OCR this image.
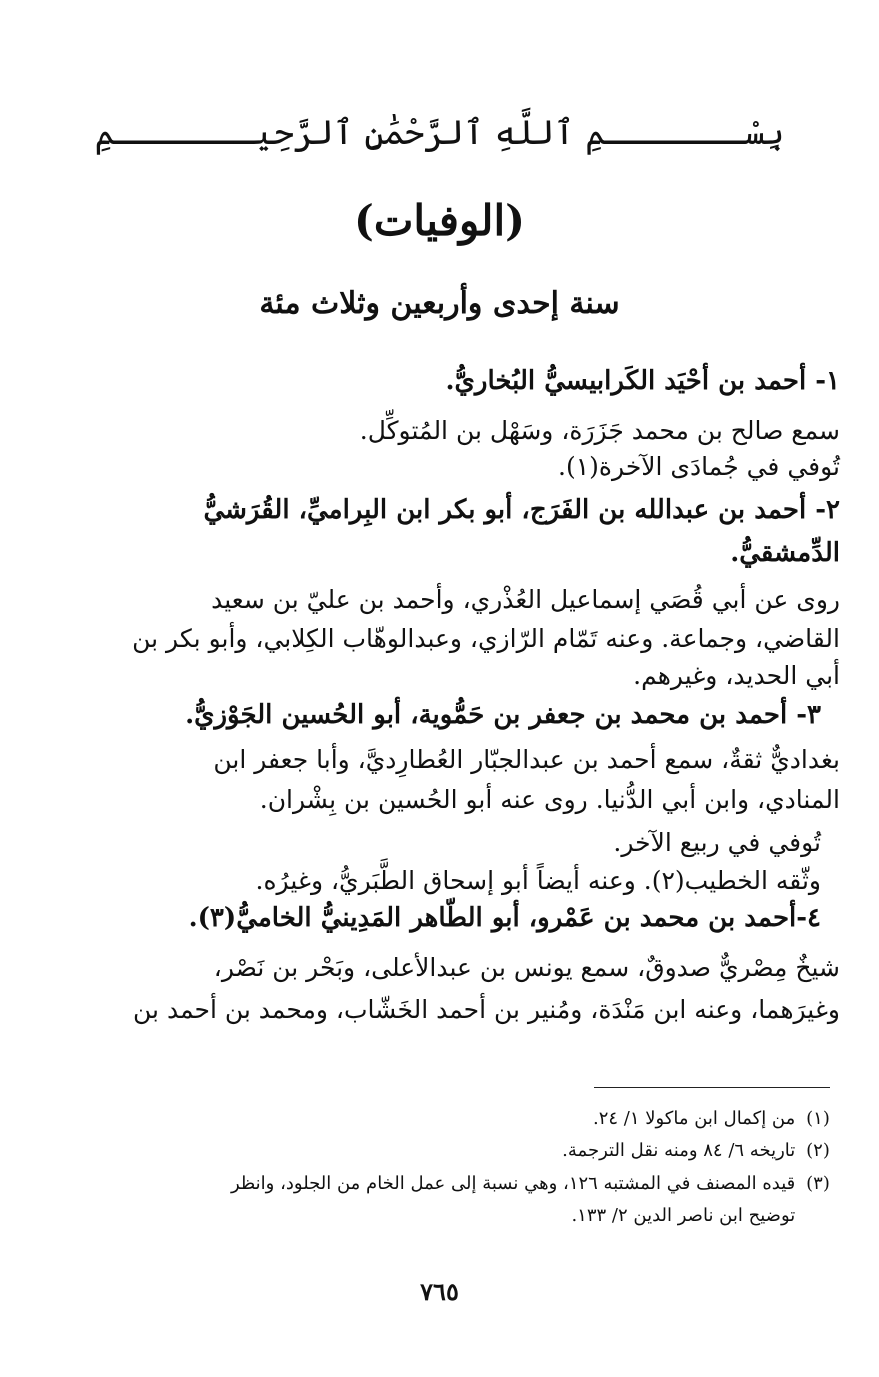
بِسْـــــــمِ ٱللَّهِ ٱلرَّحْمَٰنِ ٱلرَّحِيـــــــمِ
(الوفيات)
سنة إحدى وأربعين وثلاث مئة
١- أحمد بن أحْيَد الكَرابيسيُّ البُخاريُّ.
سمع صالح بن محمد جَزَرَة، وسَهْل بن المُتوكِّل.
تُوفي في جُمادَى الآخرة(١).
٢- أحمد بن عبدالله بن الفَرَج، أبو بكر ابن البِراميِّ، القُرَشيُّ
الدِّمشقيُّ.
روى عن أبي قُصَي إسماعيل العُذْري، وأحمد بن عليّ بن سعيد
القاضي، وجماعة. وعنه تَمّام الرّازي، وعبدالوهّاب الكِلابي، وأبو بكر بن
أبي الحديد، وغيرهم.
٣- أحمد بن محمد بن جعفر بن حَمُّوية، أبو الحُسين الجَوْزيُّ.
بغداديٌّ ثقةٌ، سمع أحمد بن عبدالجبّار العُطارِديَّ، وأبا جعفر ابن
المنادي، وابن أبي الدُّنيا. روى عنه أبو الحُسين بن بِشْران.
تُوفي في ربيع الآخر.
وثّقه الخطيب(٢). وعنه أيضاً أبو إسحاق الطَّبَريُّ، وغيرُه.
٤-أحمد بن محمد بن عَمْرو، أبو الطّاهر المَدِينيُّ الخاميُّ(٣).
شيخٌ مِصْريٌّ صدوقٌ، سمع يونس بن عبدالأعلى، وبَحْر بن نَصْر،
وغيرَهما، وعنه ابن مَنْدَة، ومُنير بن أحمد الخَشّاب، ومحمد بن أحمد بن
(١) من إكمال ابن ماكولا ١/ ٢٤.
(٢) تاريخه ٦/ ٨٤ ومنه نقل الترجمة.
(٣) قيده المصنف في المشتبه ١٢٦، وهي نسبة إلى عمل الخام من الجلود، وانظر
توضيح ابن ناصر الدين ٢/ ١٣٣.
٧٦٥
